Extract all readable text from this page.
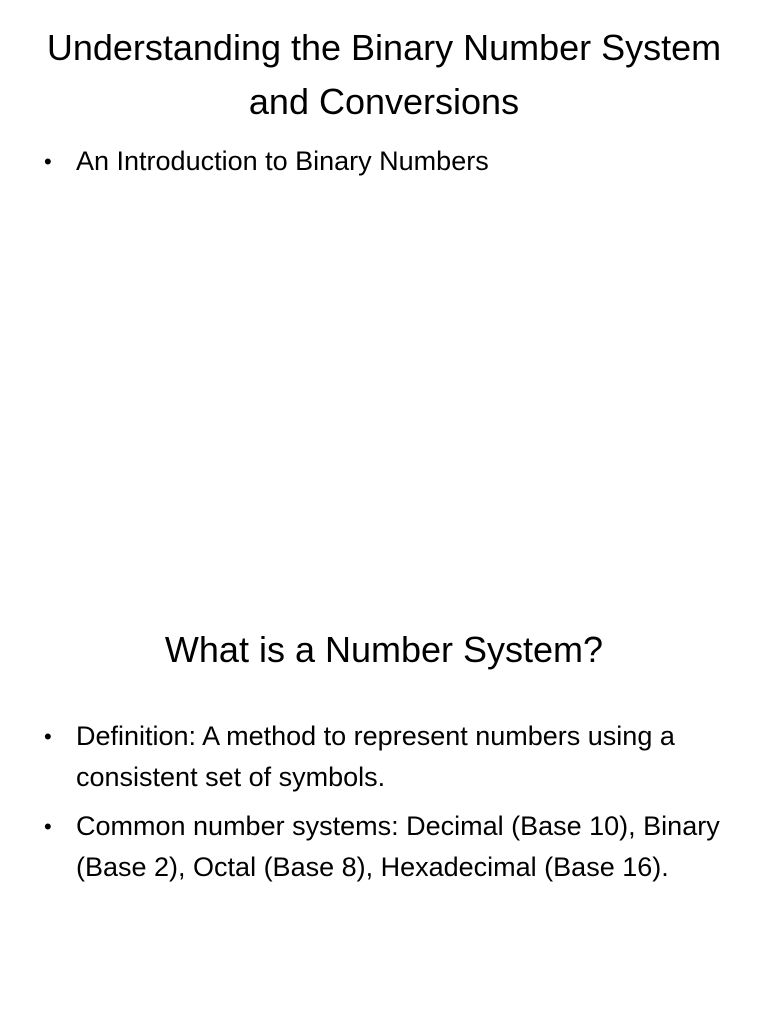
Understanding the Binary Number System and Conversions
• An Introduction to Binary Numbers
What is a Number System?
• Definition: A method to represent numbers using a consistent set of symbols.
• Common number systems: Decimal (Base 10), Binary (Base 2), Octal (Base 8), Hexadecimal (Base 16).
